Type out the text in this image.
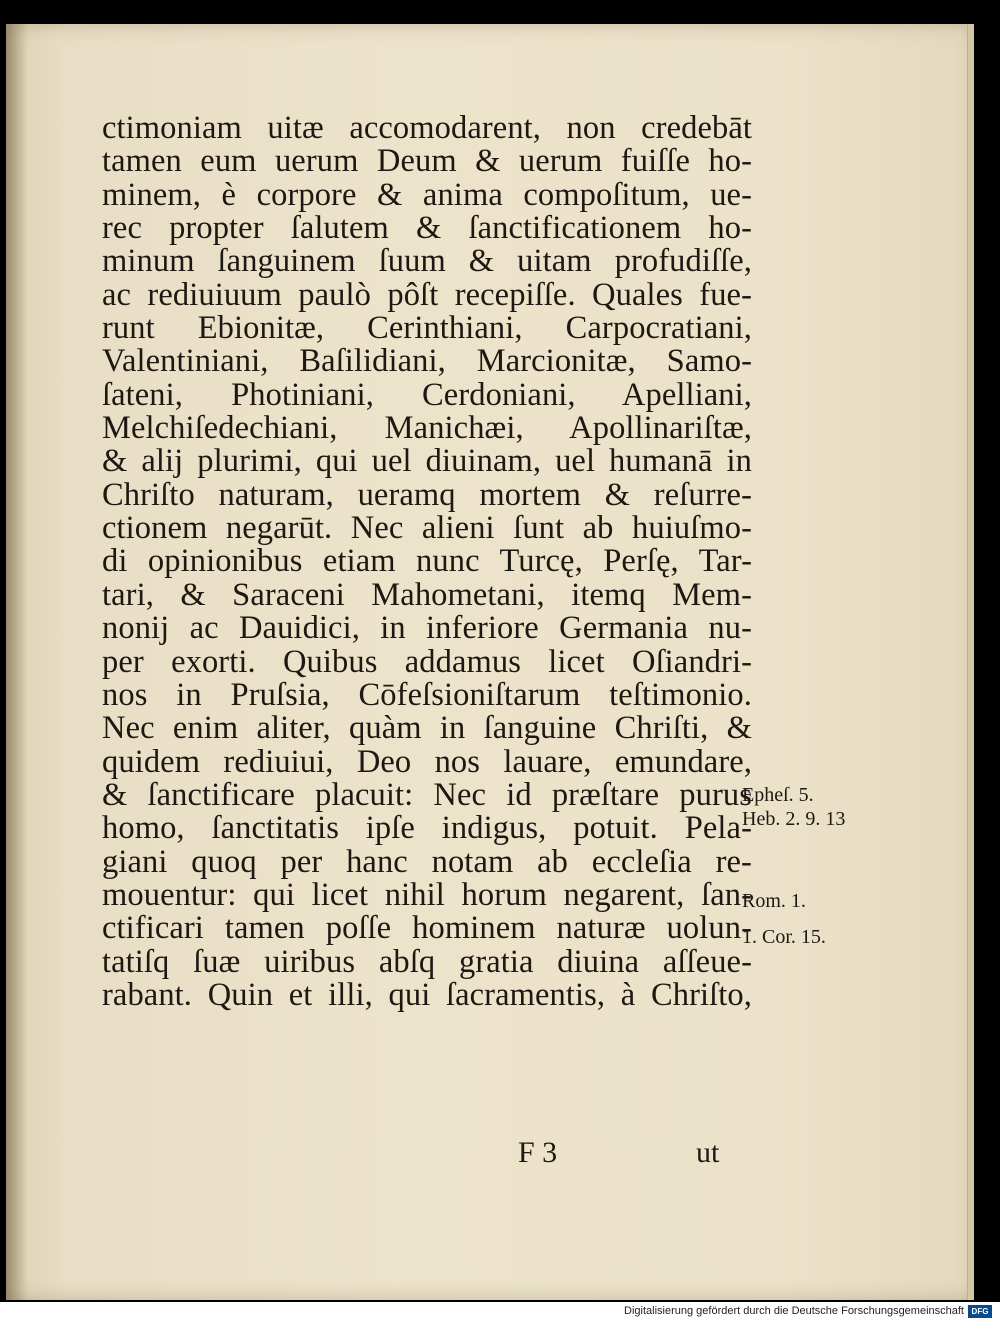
ctimoniam uitæ accomodarent, non credebāt
tamen eum uerum Deum & uerum fuiſſe ho-
minem, è corpore & anima compoſitum, ue-
rec propter ſalutem & ſanctificationem ho-
minum ſanguinem ſuum & uitam profudiſſe,
ac rediuiuum paulò pôſt recepiſſe. Quales fue-
runt Ebionitæ, Cerinthiani, Carpocratiani,
Valentiniani, Baſilidiani, Marcionitæ, Samo-
ſateni, Photiniani, Cerdoniani, Apelliani,
Melchiſedechiani, Manichæi, Apollinariſtæ,
& alij plurimi, qui uel diuinam, uel humanā in
Chriſto naturam, ueramq mortem & reſurre-
ctionem negarūt. Nec alieni ſunt ab huiuſmo-
di opinionibus etiam nunc Turcę, Perſę, Tar-
tari, & Saraceni Mahometani, itemq Mem-
nonij ac Dauidici, in inferiore Germania nu-
per exorti. Quibus addamus licet Oſiandri-
nos in Pruſsia, Cōfeſsioniſtarum teſtimonio.
Nec enim aliter, quàm in ſanguine Chriſti, &
quidem rediuiui, Deo nos lauare, emundare,
& ſanctificare placuit: Nec id præſtare purus
homo, ſanctitatis ipſe indigus, potuit. Pela-
giani quoq per hanc notam ab eccleſia re-
mouentur: qui licet nihil horum negarent, ſan-
ctificari tamen poſſe hominem naturæ uolun-
tatiſq ſuæ uiribus abſq gratia diuina aſſeue-
rabant. Quin et illi, qui ſacramentis, à Chriſto,
Epheſ. 5.
Heb. 2. 9. 13
Rom. 1.
1. Cor. 15.
F 3	ut
Digitalisierung gefördert durch die Deutsche Forschungsgemeinschaft DFG
